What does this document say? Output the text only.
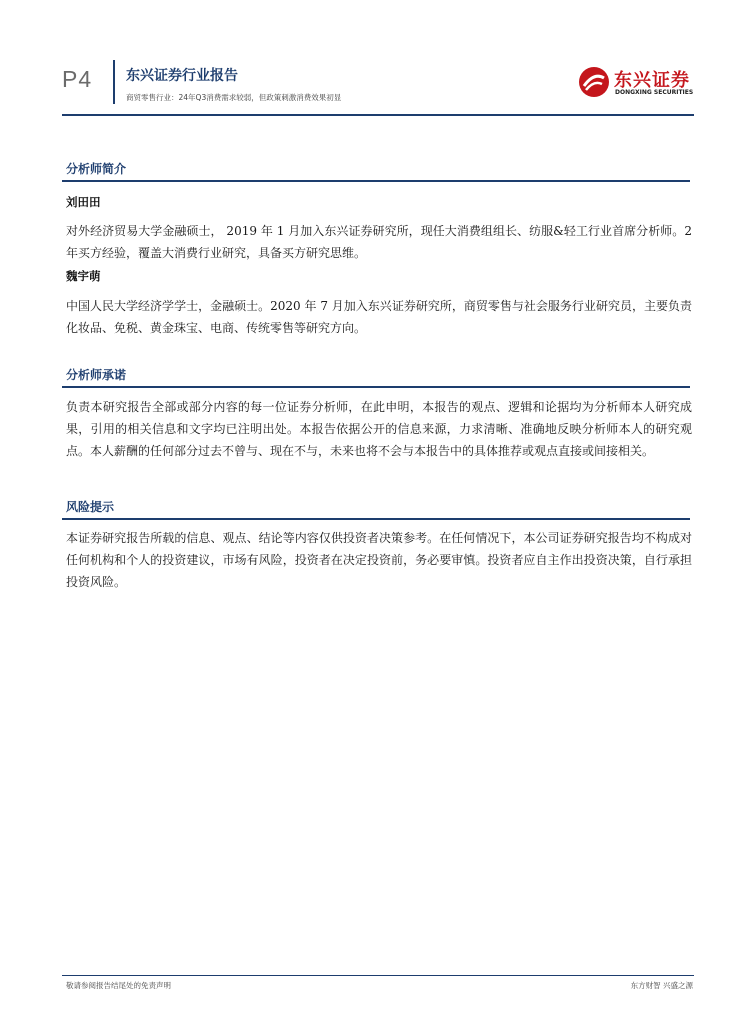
P4 东兴证券行业报告
商贸零售行业：24年Q3消费需求较弱，但政策刺激消费效果初显
东兴证券
DONGXING SECURITIES
分析师简介
刘田田

对外经济贸易大学金融硕士， 2019 年 1 月加入东兴证券研究所，现任大消费组组长、纺服&轻工行业首席分析师。2 年买方经验，覆盖大消费行业研究，具备买方研究思维。

魏宇萌

中国人民大学经济学学士，金融硕士。2020 年 7 月加入东兴证券研究所，商贸零售与社会服务行业研究员，主要负责化妆品、免税、黄金珠宝、电商、传统零售等研究方向。

分析师承诺

负责本研究报告全部或部分内容的每一位证券分析师，在此申明，本报告的观点、逻辑和论据均为分析师本人研究成果，引用的相关信息和文字均已注明出处。本报告依据公开的信息来源，力求清晰、准确地反映分析师本人的研究观点。本人薪酬的任何部分过去不曾与、现在不与，未来也将不会与本报告中的具体推荐或观点直接或间接相关。

风险提示

本证券研究报告所载的信息、观点、结论等内容仅供投资者决策参考。在任何情况下，本公司证券研究报告均不构成对任何机构和个人的投资建议，市场有风险，投资者在决定投资前，务必要审慎。投资者应自主作出投资决策，自行承担投资风险。

敬请参阅报告结尾处的免责声明	东方财智 兴盛之源
